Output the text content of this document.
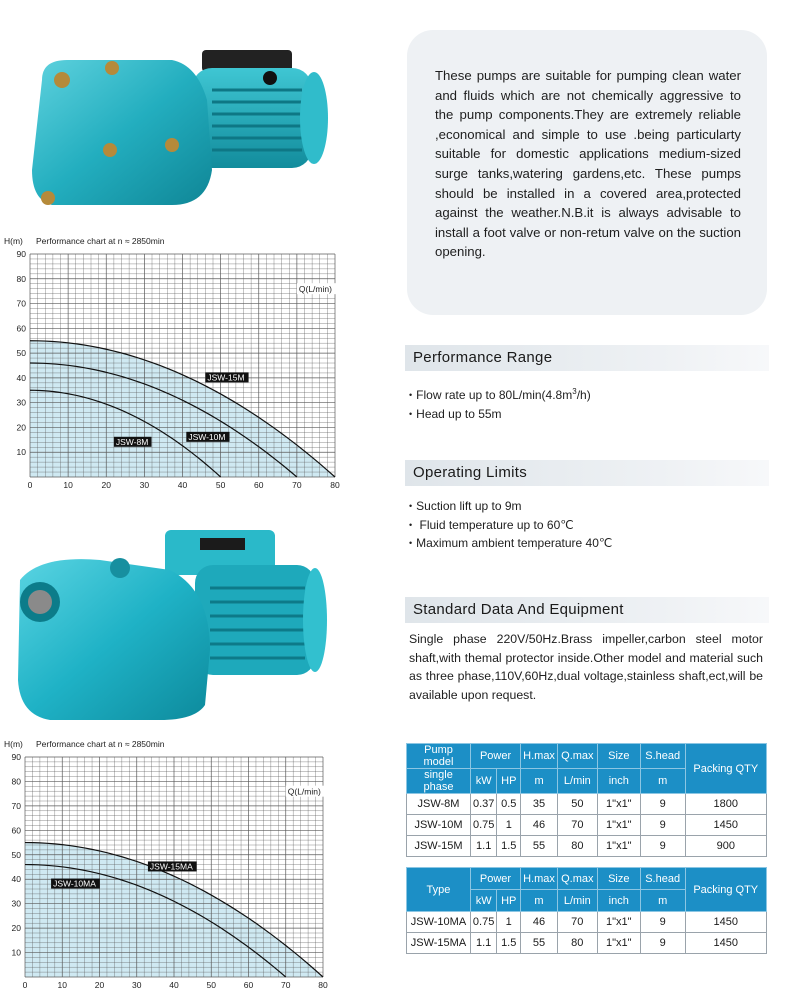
These pumps are suitable for pumping clean water and fluids which are not chemically aggressive to the pump components.They are extremely reliable ,economical and simple to use .being particularty suitable for domestic applications medium-sized surge tanks,watering gardens,etc. These pumps should be installed in a covered area,protected against the weather.N.B.it is always advisable to install a foot valve or non-retum valve on the suction opening.
H(m) Performance chart at n ≈ 2850min
JSW-8M	JSW-10M
JSW-15M
0	10	20	30	40	50	60	70	80
10
20
30
40
50
60
70
80
90
Q(L/min)
Performance Range
• Flow rate up to $80L/\min(4.8m^3/h)$
• Head up to 55m
Operating Limits
• Suction lift up to 9m
• Fluid temperature up to 60℃
• Maximum ambient temperature 40℃
Standard Data And Equipment
Single phase 220V/50Hz.Brass impeller,carbon steel motor shaft,with themal protector inside.Other model and material such as three phase,110V,60Hz,dual voltage,stainless shaft,ect,will be available upon request.
H(m) Performance chart at n ≈ 2850min
JSW-10MA
JSW-15MA
0	10	20	30	40	50	60	70	80
10
20
30
40
50
60
70
80
90
Q(L/min)
Pump model	Power		H.max	Q.max	Size	S.head	Packing QTY
single phase	kW	HP	m	L/min	inch	m	
JSW-8M	0.37	0.5	35	50	1"x1"	9	1800
JSW-10M	0.75	1	46	70	1"x1"	9	1450
JSW-15M	1.1	1.5	55	80	1"x1"	9	900
Type	Power		H.max	Q.max	Size	S.head	Packing QTY
	kW	HP	m	L/min	inch	m	
JSW-10MA	0.75	1	46	70	1"x1"	9	1450
JSW-15MA	1.1	1.5	55	80	1"x1"	9	1450
